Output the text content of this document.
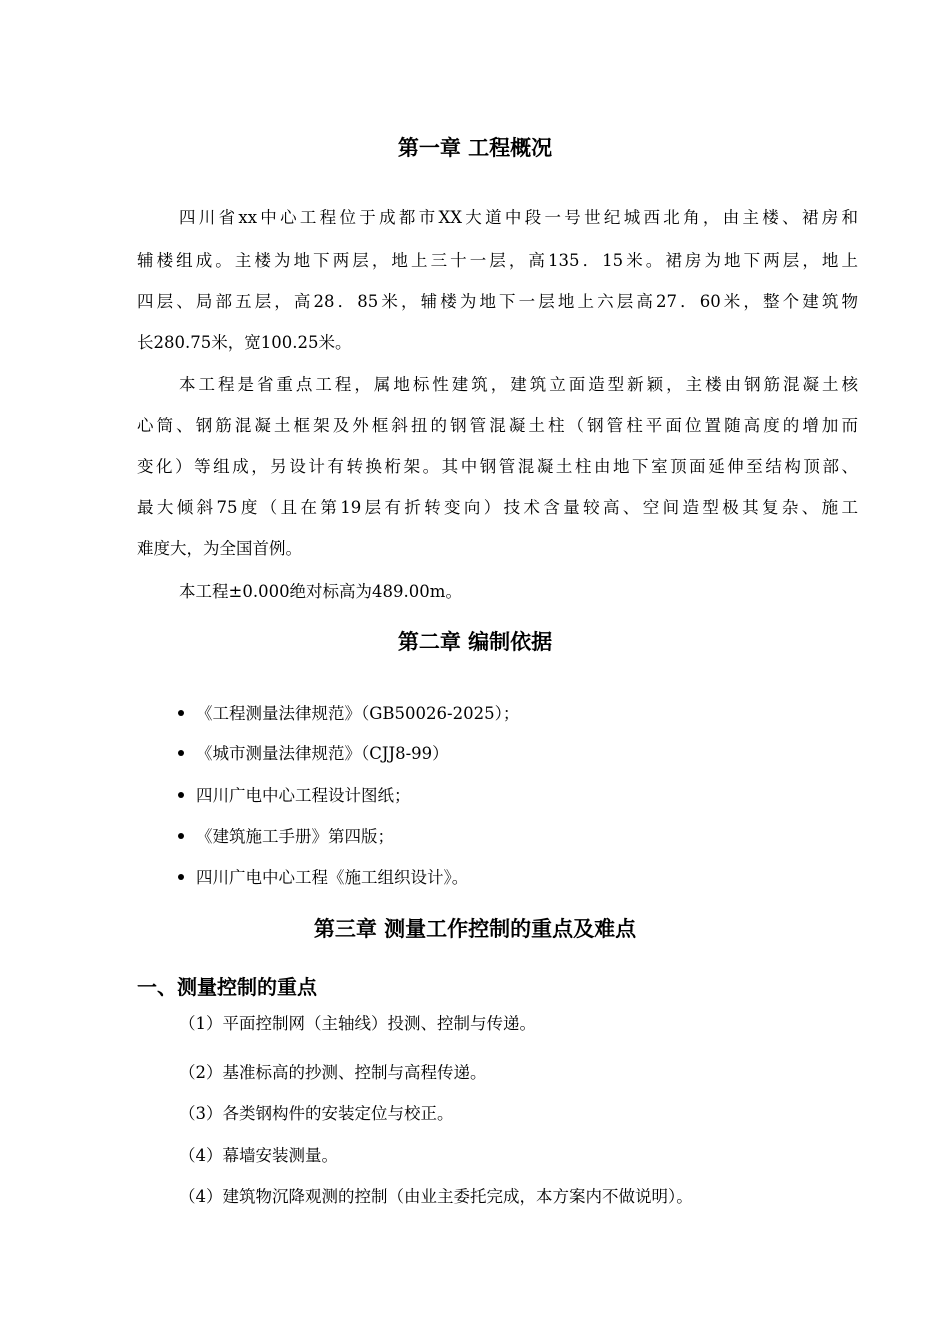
第一章 工程概况

四川省xx中心工程位于成都市XX大道中段一号世纪城西北角，由主楼、裙房和

辅楼组成。主楼为地下两层，地上三十一层，高135．15米。裙房为地下两层，地上

四层、局部五层，高28．85米，辅楼为地下一层地上六层高27．60米，整个建筑物

长280.75米，宽100.25米。

本工程是省重点工程，属地标性建筑，建筑立面造型新颖，主楼由钢筋混凝土核

心筒、钢筋混凝土框架及外框斜扭的钢管混凝土柱（钢管柱平面位置随高度的增加而

变化）等组成，另设计有转换桁架。其中钢管混凝土柱由地下室顶面延伸至结构顶部、

最大倾斜75度（且在第19层有折转变向）技术含量较高、空间造型极其复杂、施工

难度大，为全国首例。

本工程±0.000绝对标高为489.00m。

第二章 编制依据
《工程测量法律规范》（GB50026-2025）；
《城市测量法律规范》（CJJ8-99）
四川广电中心工程设计图纸；
《建筑施工手册》第四版；
四川广电中心工程《施工组织设计》。
第三章 测量工作控制的重点及难点
一、测量控制的重点

（1）平面控制网（主轴线）投测、控制与传递。

（2）基准标高的抄测、控制与高程传递。

（3）各类钢构件的安装定位与校正。

（4）幕墙安装测量。

（4）建筑物沉降观测的控制（由业主委托完成，本方案内不做说明）。
